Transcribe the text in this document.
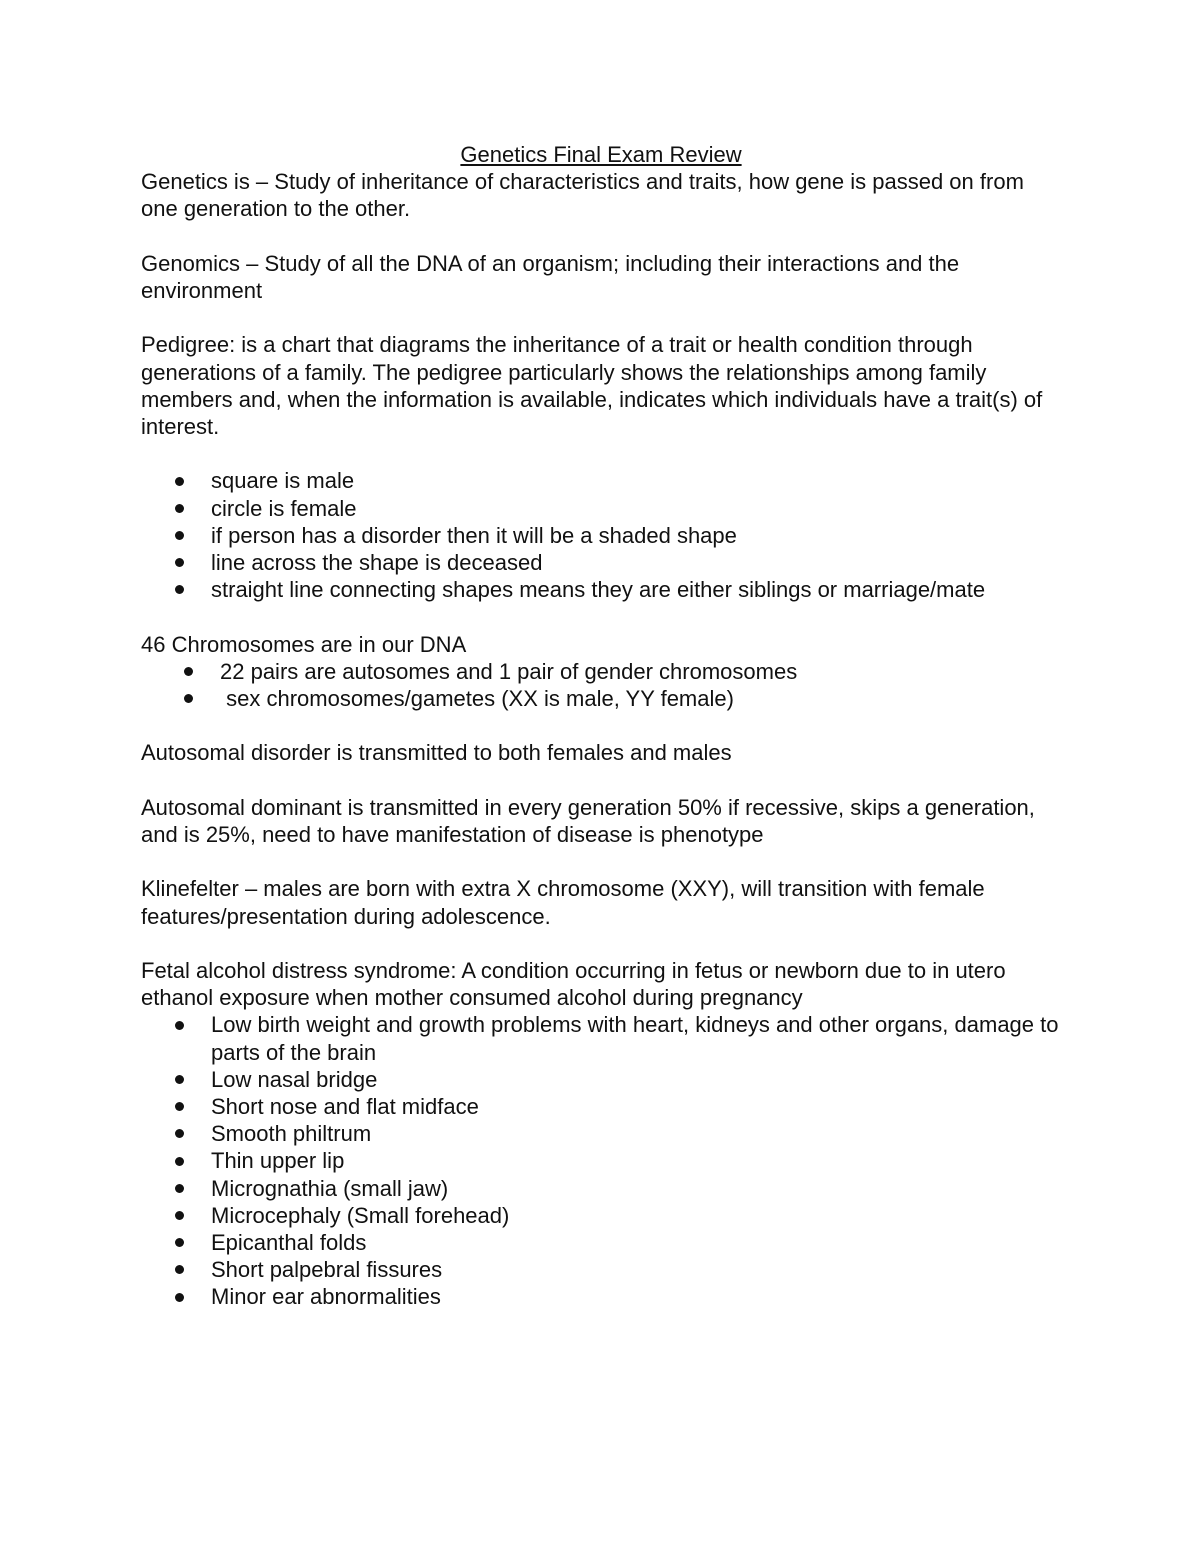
Genetics Final Exam Review

Genetics is – Study of inheritance of characteristics and traits, how gene is passed on from one generation to the other.

Genomics – Study of all the DNA of an organism; including their interactions and the environment

Pedigree: is a chart that diagrams the inheritance of a trait or health condition through generations of a family. The pedigree particularly shows the relationships among family members and, when the information is available, indicates which individuals have a trait(s) of interest.

square is male
circle is female
if person has a disorder then it will be a shaded shape
line across the shape is deceased
straight line connecting shapes means they are either siblings or marriage/mate

46 Chromosomes are in our DNA

22 pairs are autosomes and 1 pair of gender chromosomes
sex chromosomes/gametes (XX is male, YY female)

Autosomal disorder is transmitted to both females and males

Autosomal dominant is transmitted in every generation 50% if recessive, skips a generation, and is 25%, need to have manifestation of disease is phenotype

Klinefelter – males are born with extra X chromosome (XXY), will transition with female features/presentation during adolescence.

Fetal alcohol distress syndrome: A condition occurring in fetus or newborn due to in utero ethanol exposure when mother consumed alcohol during pregnancy

Low birth weight and growth problems with heart, kidneys and other organs, damage to parts of the brain
Low nasal bridge
Short nose and flat midface
Smooth philtrum
Thin upper lip
Micrognathia (small jaw)
Microcephaly (Small forehead)
Epicanthal folds
Short palpebral fissures
Minor ear abnormalities
